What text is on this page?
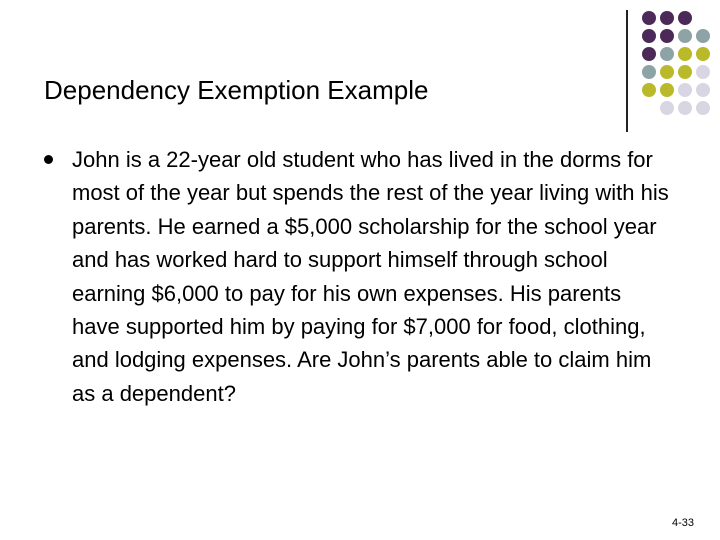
Dependency Exemption Example

John is a 22-year old student who has lived in the dorms for most of the year but spends the rest of the year living with his parents. He earned a $5,000 scholarship for the school year and has worked hard to support himself through school earning $6,000 to pay for his own expenses. His parents have supported him by paying for $7,000 for food, clothing, and lodging expenses. Are John’s parents able to claim him as a dependent?

4-33
